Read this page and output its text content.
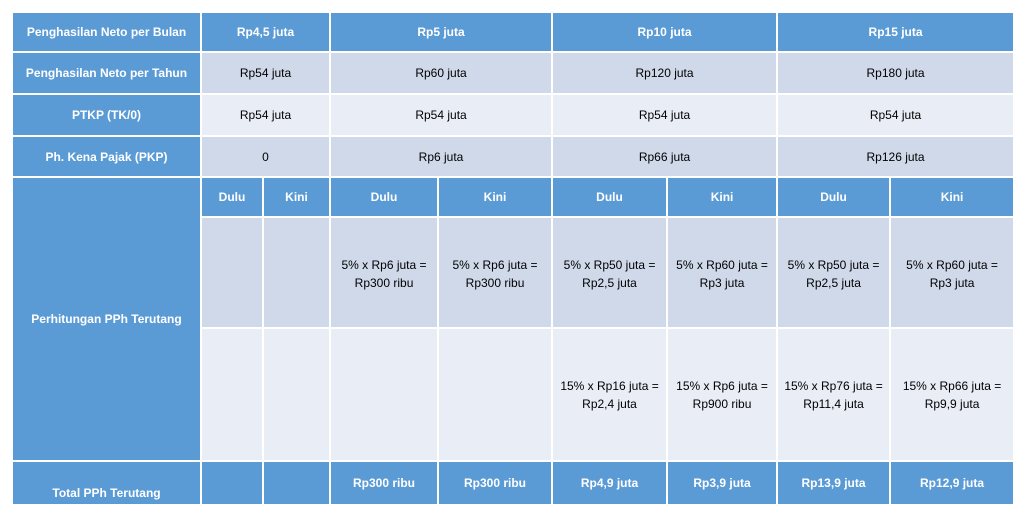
Penghasilan Neto per Bulan	Rp4,5 juta		Rp5 juta		Rp10 juta		Rp15 juta	
Penghasilan Neto per Tahun	Rp54 juta		Rp60 juta		Rp120 juta		Rp180 juta	
PTKP (TK/0)	Rp54 juta		Rp54 juta		Rp54 juta		Rp54 juta	
Ph. Kena Pajak (PKP)	0		Rp6 juta		Rp66 juta		Rp126 juta	
Perhitungan PPh Terutang	Dulu	Kini	Dulu	Kini	Dulu	Kini	Dulu	Kini
			5% x Rp6 juta = Rp300 ribu	5% x Rp6 juta = Rp300 ribu	5% x Rp50 juta = Rp2,5 juta	5% x Rp60 juta = Rp3 juta	5% x Rp50 juta = Rp2,5 juta	5% x Rp60 juta = Rp3 juta
					15% x Rp16 juta = Rp2,4 juta	15% x Rp6 juta = Rp900 ribu	15% x Rp76 juta = Rp11,4 juta	15% x Rp66 juta = Rp9,9 juta
Total PPh Terutang			Rp300 ribu	Rp300 ribu	Rp4,9 juta	Rp3,9 juta	Rp13,9 juta	Rp12,9 juta
